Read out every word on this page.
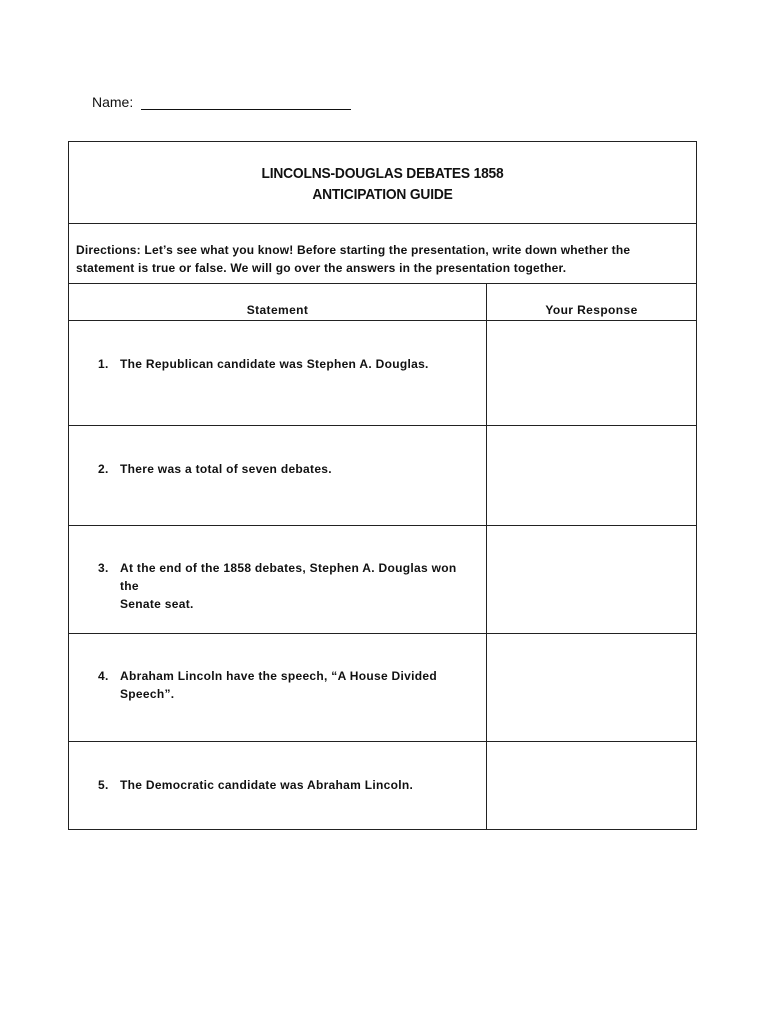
Name:
LINCOLNS-DOUGLAS DEBATES 1858
ANTICIPATION GUIDE
Directions: Let’s see what you know! Before starting the presentation, write down whether the
statement is true or false. We will go over the answers in the presentation together.
Statement	Your Response
1. The Republican candidate was Stephen A. Douglas.
2. There was a total of seven debates.
3. At the end of the 1858 debates, Stephen A. Douglas won the
Senate seat.
4. Abraham Lincoln have the speech, “A House Divided
Speech”.
5. The Democratic candidate was Abraham Lincoln.
